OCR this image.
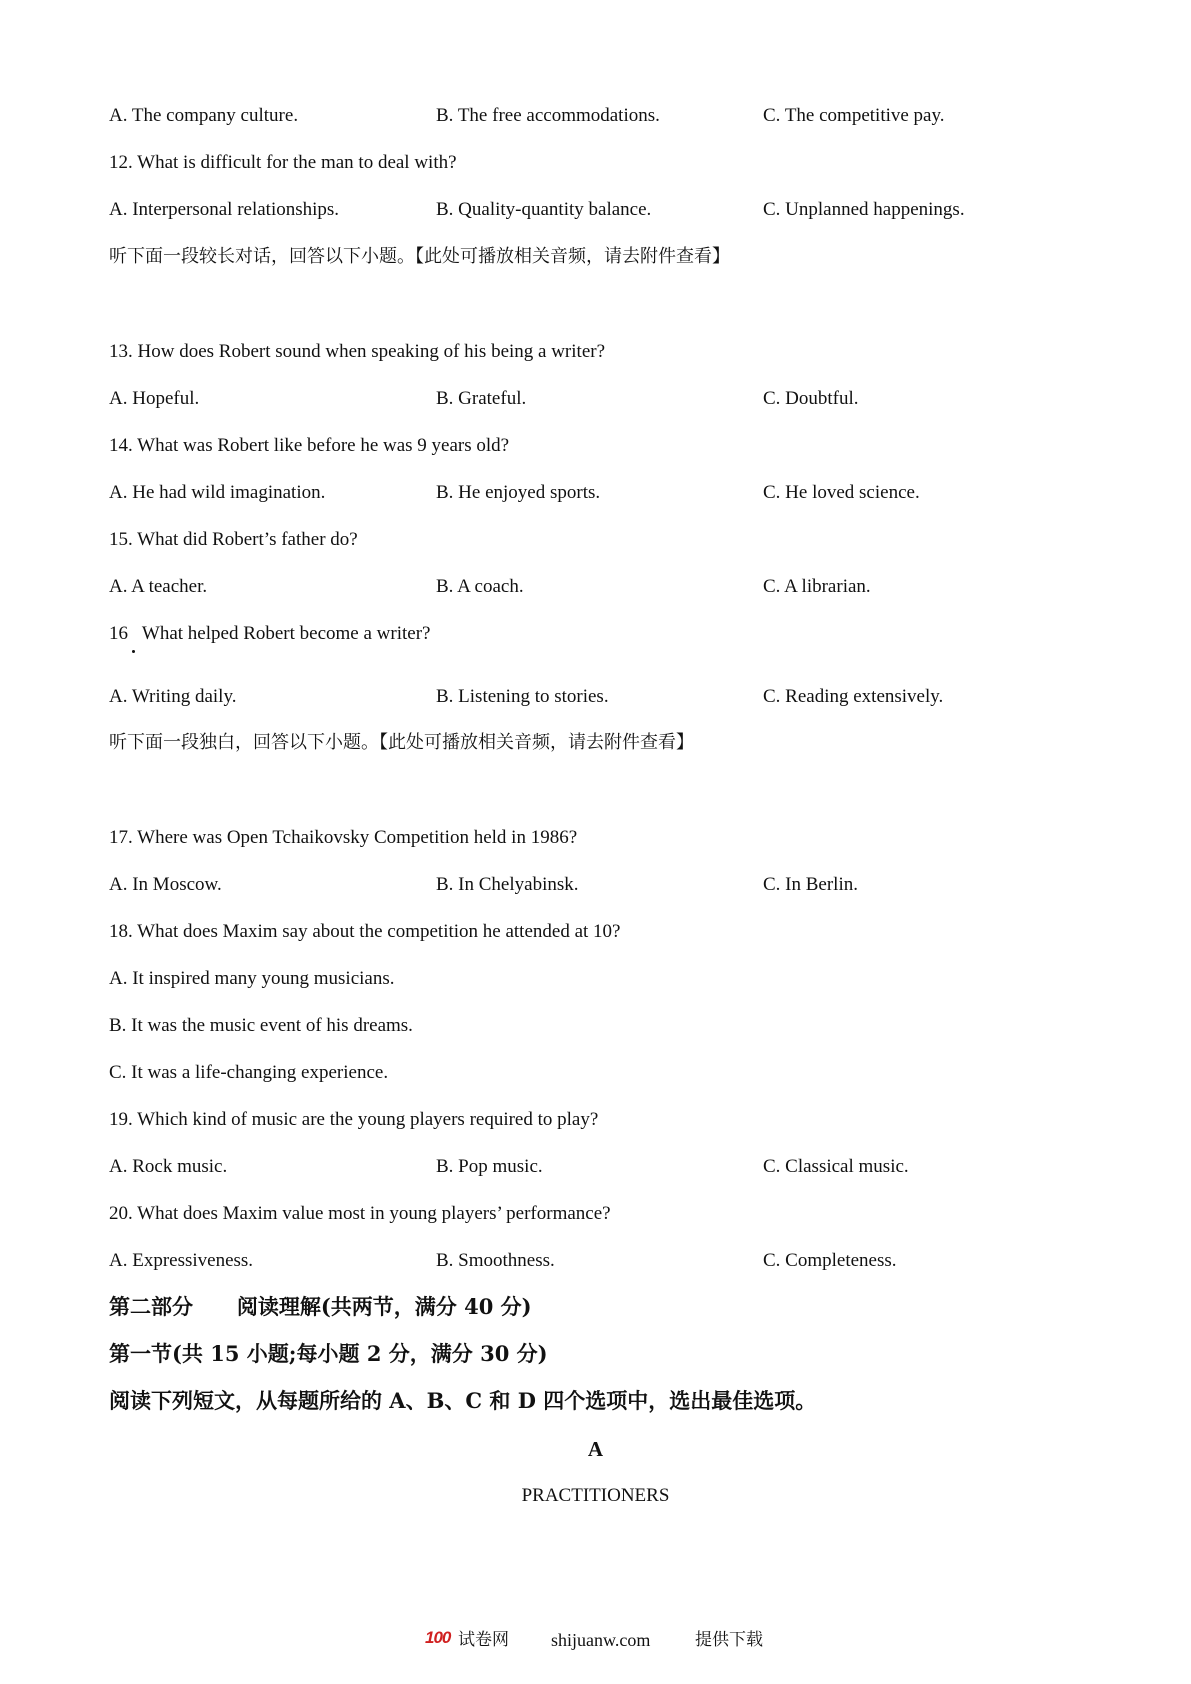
A. The company culture.	B. The free accommodations.	C. The competitive pay.
12. What is difficult for the man to deal with?
A. Interpersonal relationships.	B. Quality-quantity balance.	C. Unplanned happenings.
听下面一段较长对话，回答以下小题。【此处可播放相关音频，请去附件查看】
13. How does Robert sound when speaking of his being a writer?
A. Hopeful.	B. Grateful.	C. Doubtful.
14. What was Robert like before he was 9 years old?
A. He had wild imagination.	B. He enjoyed sports.	C. He loved science.
15. What did Robert’s father do?
A. A teacher.	B. A coach.	C. A librarian.
16   What helped Robert become a writer?
A. Writing daily.	B. Listening to stories.	C. Reading extensively.
听下面一段独白，回答以下小题。【此处可播放相关音频，请去附件查看】
17. Where was Open Tchaikovsky Competition held in 1986?
A. In Moscow.	B. In Chelyabinsk.	C. In Berlin.
18. What does Maxim say about the competition he attended at 10?
A. It inspired many young musicians.
B. It was the music event of his dreams.
C. It was a life-changing experience.
19. Which kind of music are the young players required to play?
A. Rock music.	B. Pop music.	C. Classical music.
20. What does Maxim value most in young players’ performance?
A. Expressiveness.	B. Smoothness.	C. Completeness.
第二部分      阅读理解(共两节，满分 40 分)
第一节(共 15 小题;每小题 2 分，满分 30 分)
阅读下列短文，从每题所给的 A、B、C 和 D 四个选项中，选出最佳选项。
A
PRACTITIONERS
100 试卷网 shijuanw.com	提供下载
